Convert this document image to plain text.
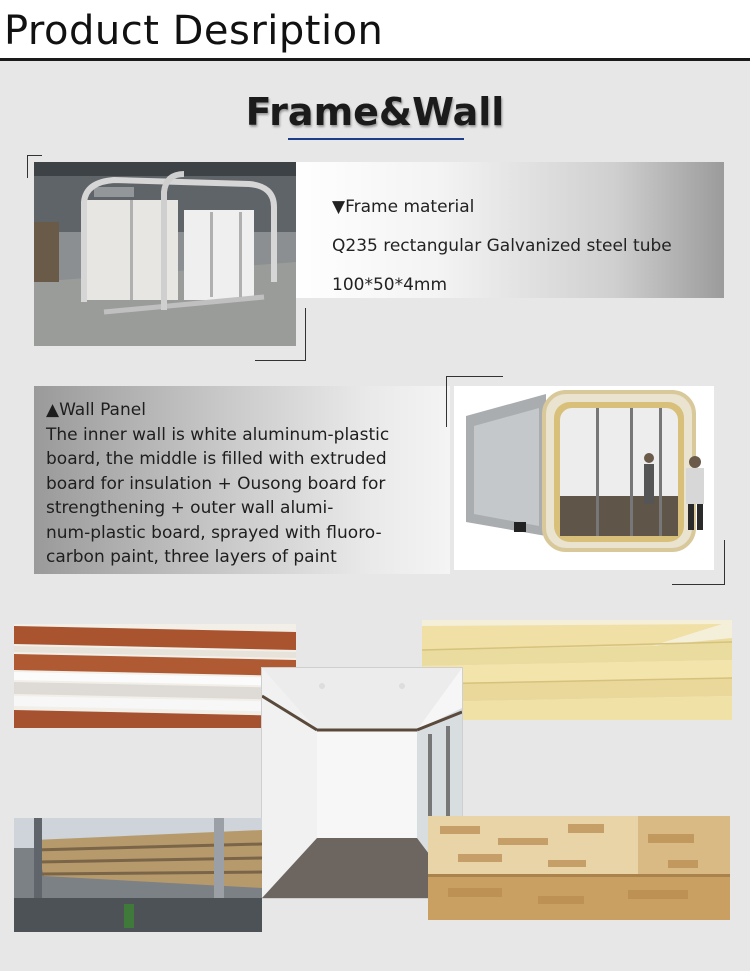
Product Desription
Frame&Wall
▼Frame material
Q235 rectangular Galvanized steel tube
100*50*4mm
▲Wall Panel
The inner wall is white aluminum-plastic
board, the middle is filled with extruded
board for insulation + Ousong board for
strengthening + outer wall alumi-
num-plastic board, sprayed with fluoro-
carbon paint, three layers of paint
